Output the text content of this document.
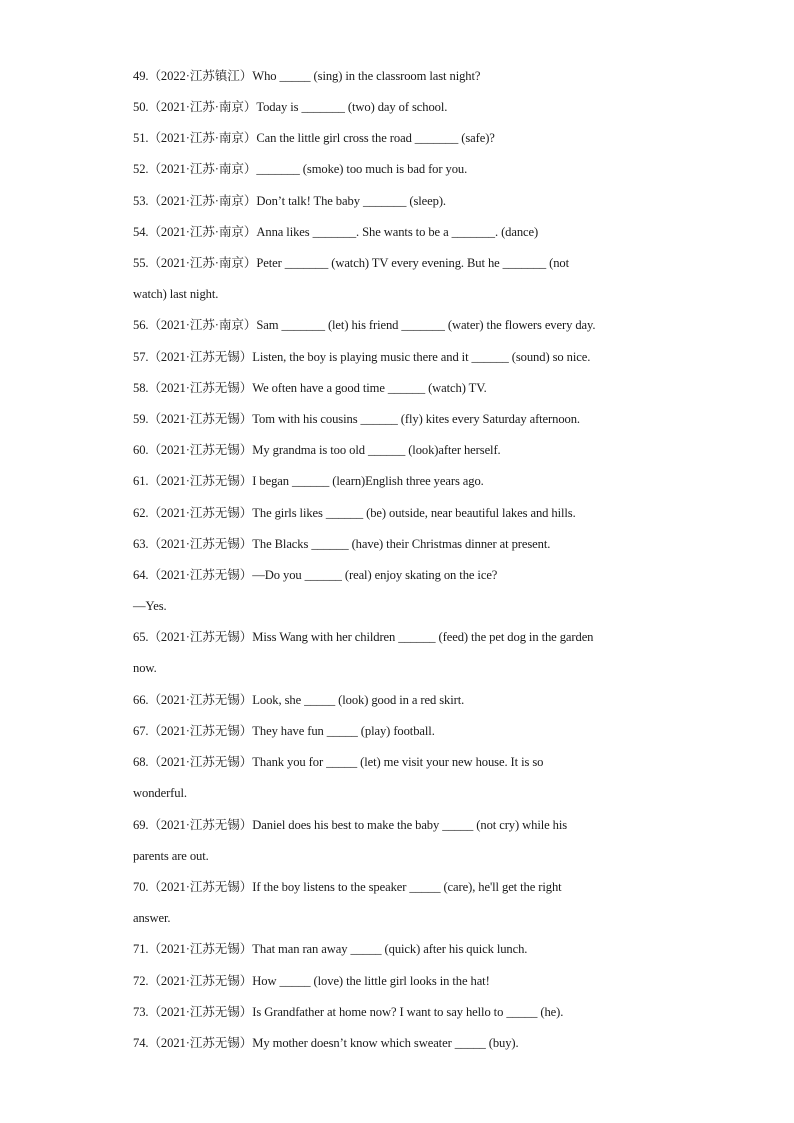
49.（2022·江苏镇江）Who _____ (sing) in the classroom last night?
50.（2021·江苏·南京）Today is _______ (two) day of school.
51.（2021·江苏·南京）Can the little girl cross the road _______ (safe)?
52.（2021·江苏·南京）_______ (smoke) too much is bad for you.
53.（2021·江苏·南京）Don’t talk! The baby _______ (sleep).
54.（2021·江苏·南京）Anna likes _______. She wants to be a _______. (dance)
55.（2021·江苏·南京）Peter _______ (watch) TV every evening. But he _______ (not
watch) last night.
56.（2021·江苏·南京）Sam _______ (let) his friend _______ (water) the flowers every day.
57.（2021·江苏无锡）Listen, the boy is playing music there and it ______ (sound) so nice.
58.（2021·江苏无锡）We often have a good time ______ (watch) TV.
59.（2021·江苏无锡）Tom with his cousins ______ (fly) kites every Saturday afternoon.
60.（2021·江苏无锡）My grandma is too old ______ (look)after herself.
61.（2021·江苏无锡）I began ______ (learn)English three years ago.
62.（2021·江苏无锡）The girls likes ______ (be) outside, near beautiful lakes and hills.
63.（2021·江苏无锡）The Blacks ______ (have) their Christmas dinner at present.
64.（2021·江苏无锡）—Do you ______ (real) enjoy skating on the ice?
—Yes.
65.（2021·江苏无锡）Miss Wang with her children ______ (feed) the pet dog in the garden
now.
66.（2021·江苏无锡）Look, she _____ (look) good in a red skirt.
67.（2021·江苏无锡）They have fun _____ (play) football.
68.（2021·江苏无锡）Thank you for _____ (let) me visit your new house. It is so
wonderful.
69.（2021·江苏无锡）Daniel does his best to make the baby _____ (not cry) while his
parents are out.
70.（2021·江苏无锡）If the boy listens to the speaker _____ (care), he'll get the right
answer.
71.（2021·江苏无锡）That man ran away _____ (quick) after his quick lunch.
72.（2021·江苏无锡）How _____ (love) the little girl looks in the hat!
73.（2021·江苏无锡）Is Grandfather at home now? I want to say hello to _____ (he).
74.（2021·江苏无锡）My mother doesn’t know which sweater _____ (buy).
